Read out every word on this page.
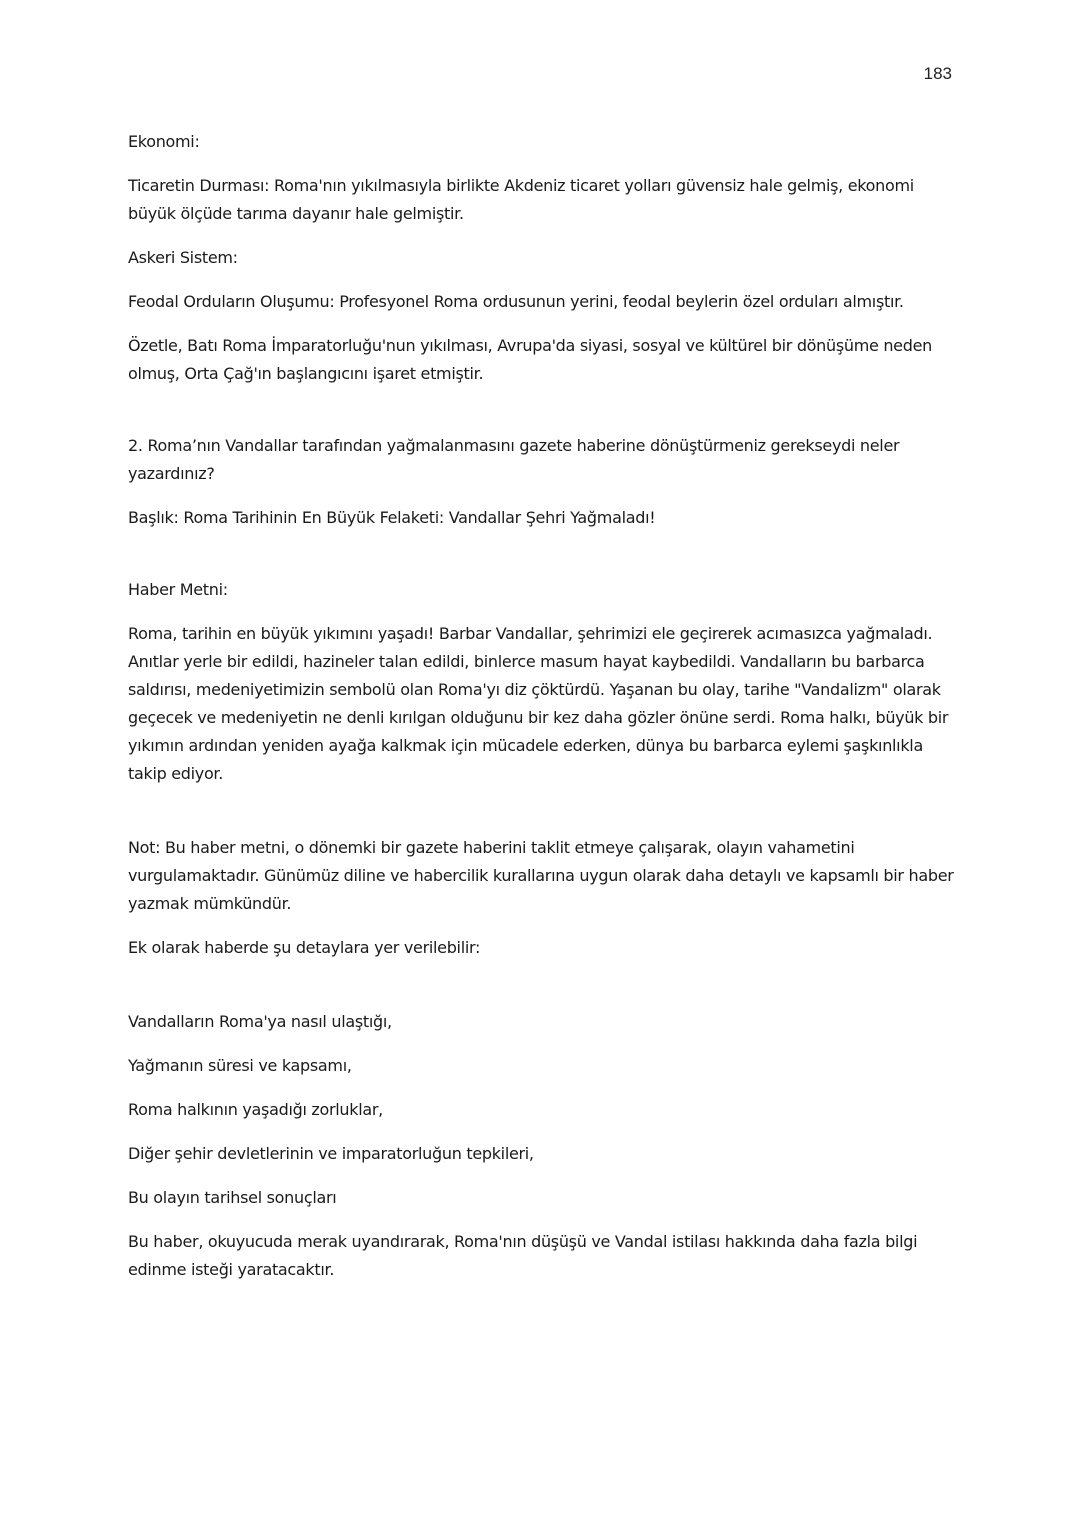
183

Ekonomi:

Ticaretin Durması: Roma'nın yıkılmasıyla birlikte Akdeniz ticaret yolları güvensiz hale gelmiş, ekonomi büyük ölçüde tarıma dayanır hale gelmiştir.

Askeri Sistem:

Feodal Orduların Oluşumu: Profesyonel Roma ordusunun yerini, feodal beylerin özel orduları almıştır.

Özetle, Batı Roma İmparatorluğu'nun yıkılması, Avrupa'da siyasi, sosyal ve kültürel bir dönüşüme neden olmuş, Orta Çağ'ın başlangıcını işaret etmiştir.

2. Roma’nın Vandallar tarafından yağmalanmasını gazete haberine dönüştürmeniz gerekseydi neler yazardınız?

Başlık: Roma Tarihinin En Büyük Felaketi: Vandallar Şehri Yağmaladı!

Haber Metni:

Roma, tarihin en büyük yıkımını yaşadı! Barbar Vandallar, şehrimizi ele geçirerek acımasızca yağmaladı. Anıtlar yerle bir edildi, hazineler talan edildi, binlerce masum hayat kaybedildi. Vandalların bu barbarca saldırısı, medeniyetimizin sembolü olan Roma'yı diz çöktürdü. Yaşanan bu olay, tarihe "Vandalizm" olarak geçecek ve medeniyetin ne denli kırılgan olduğunu bir kez daha gözler önüne serdi. Roma halkı, büyük bir yıkımın ardından yeniden ayağa kalkmak için mücadele ederken, dünya bu barbarca eylemi şaşkınlıkla takip ediyor.

Not: Bu haber metni, o dönemki bir gazete haberini taklit etmeye çalışarak, olayın vahametini vurgulamaktadır. Günümüz diline ve habercilik kurallarına uygun olarak daha detaylı ve kapsamlı bir haber yazmak mümkündür.

Ek olarak haberde şu detaylara yer verilebilir:

Vandalların Roma'ya nasıl ulaştığı,

Yağmanın süresi ve kapsamı,

Roma halkının yaşadığı zorluklar,

Diğer şehir devletlerinin ve imparatorluğun tepkileri,

Bu olayın tarihsel sonuçları

Bu haber, okuyucuda merak uyandırarak, Roma'nın düşüşü ve Vandal istilası hakkında daha fazla bilgi edinme isteği yaratacaktır.
